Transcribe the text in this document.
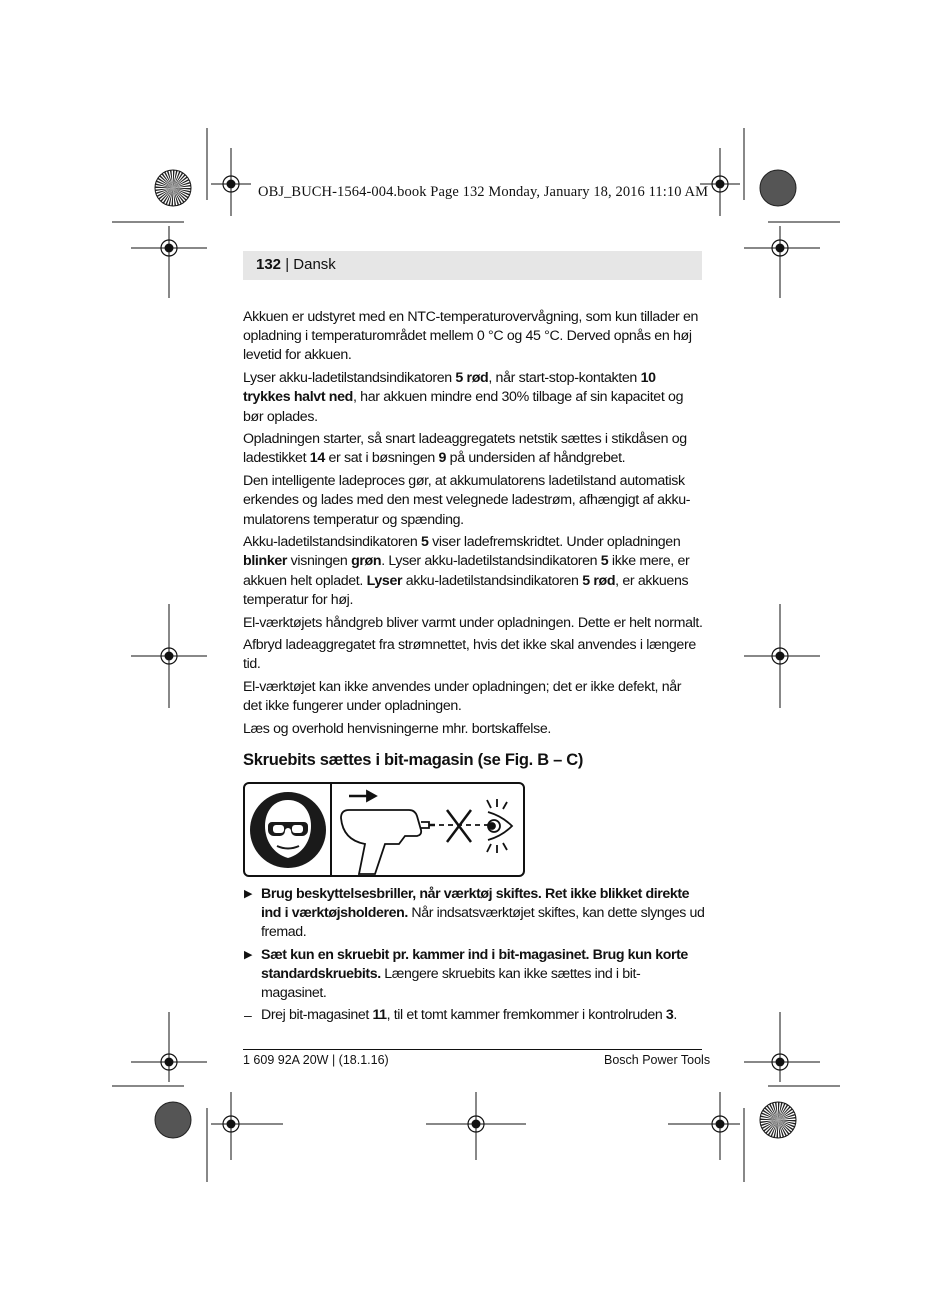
OBJ_BUCH-1564-004.book Page 132 Monday, January 18, 2016 11:10 AM
132 | Dansk

Akkuen er udstyret med en NTC-temperaturovervågning, som kun tillader en opladning i temperaturområdet mellem 0 °C og 45 °C. Derved opnås en høj levetid for akkuen.

Lyser akku-ladetilstandsindikatoren 5 rød, når start-stop-kontakten 10 trykkes halvt ned, har akkuen mindre end 30% tilbage af sin kapacitet og bør oplades.

Opladningen starter, så snart ladeaggregatets netstik sættes i stikdåsen og ladestikket 14 er sat i bøsningen 9 på undersiden af håndgrebet.

Den intelligente ladeproces gør, at akkumulatorens ladetilstand automatisk erkendes og lades med den mest velegnede ladestrøm, afhængigt af akku-mulatorens temperatur og spænding.

Akku-ladetilstandsindikatoren 5 viser ladefremskridtet. Under opladningen blinker visningen grøn. Lyser akku-ladetilstandsindikatoren 5 ikke mere, er akkuen helt opladet. Lyser akku-ladetilstandsindikatoren 5 rød, er akkuens temperatur for høj.

El-værktøjets håndgreb bliver varmt under opladningen. Dette er helt normalt.

Afbryd ladeaggregatet fra strømnettet, hvis det ikke skal anvendes i længere tid.

El-værktøjet kan ikke anvendes under opladningen; det er ikke defekt, når det ikke fungerer under opladningen.

Læs og overhold henvisningerne mhr. bortskaffelse.

Skruebits sættes i bit-magasin (se Fig. B – C)
▶ Brug beskyttelsesbriller, når værktøj skiftes. Ret ikke blikket direkte ind i værktøjsholderen. Når indsatsværktøjet skiftes, kan dette slynges ud fremad.
▶ Sæt kun en skruebit pr. kammer ind i bit-magasinet. Brug kun korte standardskruebits. Længere skruebits kan ikke sættes ind i bit-magasinet.
– Drej bit-magasinet 11, til et tomt kammer fremkommer i kontrolruden 3.
1 609 92A 20W | (18.1.16)	Bosch Power Tools
